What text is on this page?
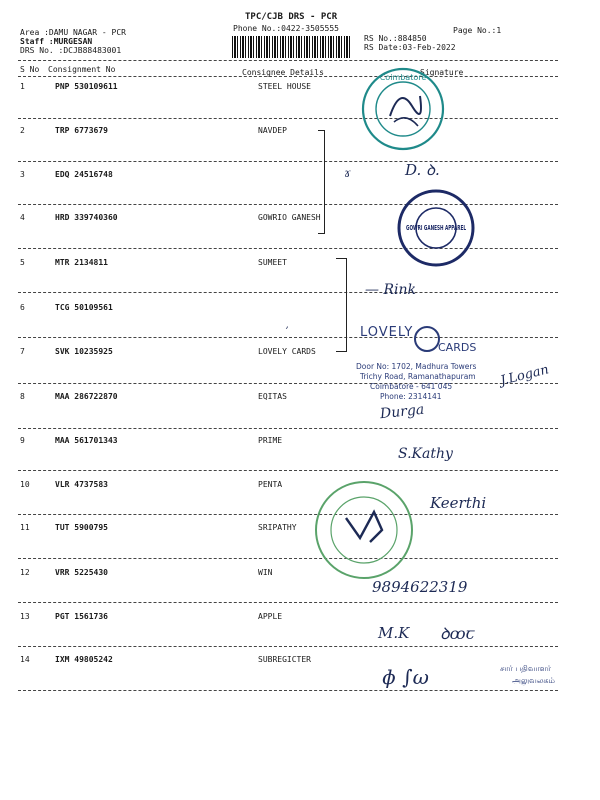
TPC/CJB DRS - PCR
Phone No.:0422-3505555	Page No.:1
Area :DAMU NAGAR - PCR
Staff :MURGESAN
DRS No. :DCJB88483001
RS No.:884850
RS Date:03-Feb-2022
S No Consignment No	Consignee Details	Signature
1	PNP 530109611	STEEL HOUSE
2	TRP 6773679	NAVDEP
3	EDQ 24516748
4	HRD 339740360	GOWRIO GANESH
5	MTR 2134811	SUMEET
6	TCG 50109561
7	SVK 10235925	LOVELY CARDS
8	MAA 286722870	EQITAS
9	MAA 561701343	PRIME
10	VLR 4737583	PENTA
11	TUT 5900795	SRIPATHY
12	VRR 5225430	WIN
13	PGT 1561736	APPLE
14	IXM 49805242	SUBREGICTER
ɤ
ʼ
Coimbatore
D. ꝺ.
GOWRI GANESH APPAREL
— Rink
LOVELY
CARDS
Door No: 1702, Madhura Towers
Trichy Road, Ramanathapuram
Coimbatore - 641 045
Phone: 2314141
J.Logan
Durga
S.Kathy
Keerthi
9894622319
M.K ꝺꝏꞇ
ɸ ∫ω	சார் பதிவாளர்
அலுவலகம்
